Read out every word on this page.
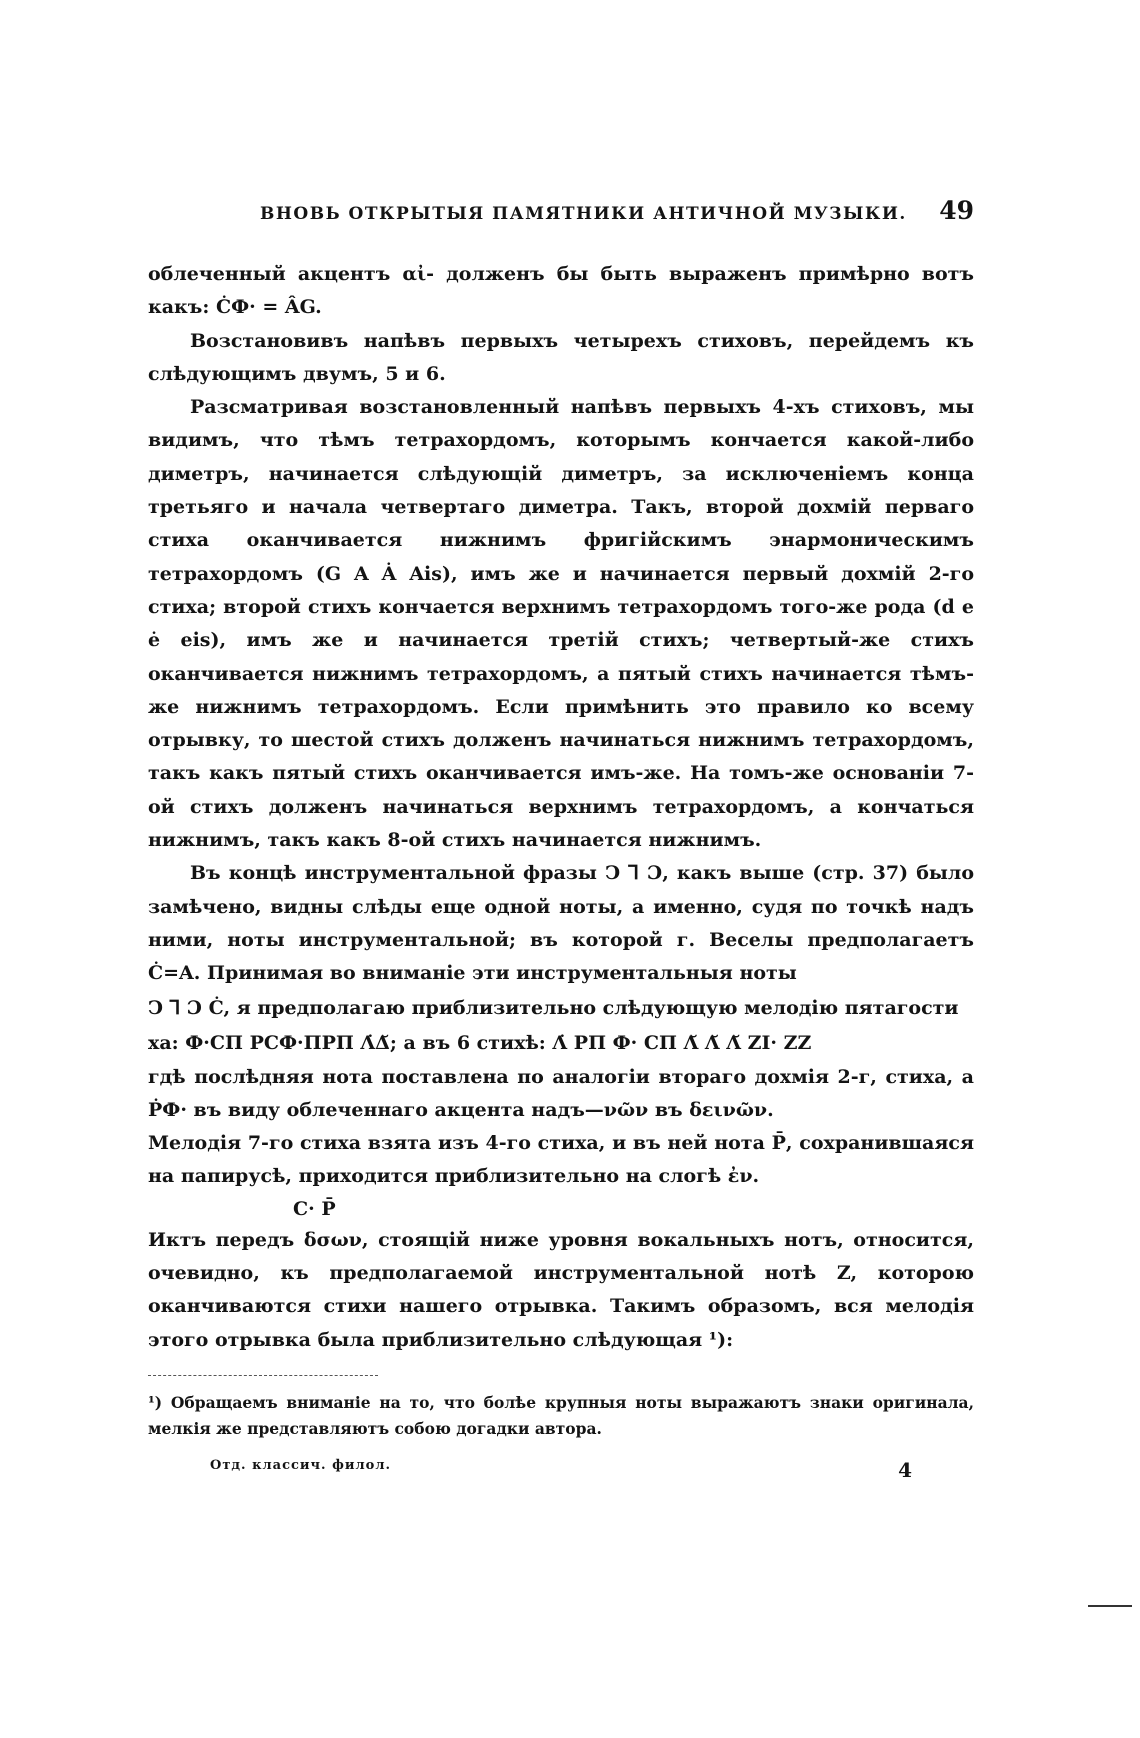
ВНОВЬ ОТКРЫТЫЯ ПАМЯТНИКИ АНТИЧНОЙ МУЗЫКИ. 49

облеченный акцентъ αἰ- долженъ бы быть выраженъ примѣрно вотъ какъ: ĊФ· = ÂG.

Возстановивъ напѣвъ первыхъ четырехъ стиховъ, перейдемъ къ слѣдующимъ двумъ, 5 и 6.

Разсматривая возстановленный напѣвъ первыхъ 4-хъ стиховъ, мы видимъ, что тѣмъ тетрахордомъ, которымъ кончается какой-либо диметръ, начинается слѣдующій диметръ, за исключеніемъ конца третьяго и начала четвертаго диметра. Такъ, второй дохмій перваго стиха оканчивается нижнимъ фригійскимъ энармоническимъ тетрахордомъ (G A Ȧ Ais), имъ же и начинается первый дохмій 2-го стиха; второй стихъ кончается верхнимъ тетрахордомъ того-же рода (d e ė eis), имъ же и начинается третій стихъ; четвертый-же стихъ оканчивается нижнимъ тетрахордомъ, а пятый стихъ начинается тѣмъ-же нижнимъ тетрахордомъ. Если примѣнить это правило ко всему отрывку, то шестой стихъ долженъ начинаться нижнимъ тетрахордомъ, такъ какъ пятый стихъ оканчивается имъ-же. На томъ-же основаніи 7-ой стихъ долженъ начинаться верхнимъ тетрахордомъ, а кончаться нижнимъ, такъ какъ 8-ой стихъ начинается нижнимъ.

Въ концѣ инструментальной фразы Ↄ ꓶ Ɔ, какъ выше (стр. 37) было замѣчено, видны слѣды еще одной ноты, а именно, судя по точкѣ надъ ними, ноты инструментальной; въ которой г. Веселы предполагаетъ Ċ=A. Принимая во вниманіе эти инструментальныя ноты

Ↄ ꓶ Ɔ Ċ, я предполагаю приблизительно слѣдующую мелодію пятагости

ха: Ф·СП РСФ·ПРП Λ̇Δ̆; а въ 6 стихѣ: Λ̇ РП Ф· СП Λ̆ Λ̆ Λ̆ ZI· ZZ

гдѣ послѣдняя нота поставлена по аналогіи втораго дохмія 2-г, стиха, а ṖФ· въ виду облеченнаго акцента надъ—νῶν въ δεινῶν.

Мелодія 7-го стиха взята изъ 4-го стиха, и въ ней нота Р̄, сохранившаяся на папирусѣ, приходится приблизительно на слогѣ ἐν.

С· Р̄

Иктъ передъ δσων, стоящій ниже уровня вокальныхъ нотъ, относится, очевидно, къ предполагаемой инструментальной нотѣ Z, которою оканчиваются стихи нашего отрывка. Такимъ образомъ, вся мелодія этого отрывка была приблизительно слѣдующая ¹):

¹) Обращаемъ вниманіе на то, что болѣе крупныя ноты выражаютъ знаки оригинала, мелкія же представляютъ собою догадки автора.

Отд. классич. филол.	4
